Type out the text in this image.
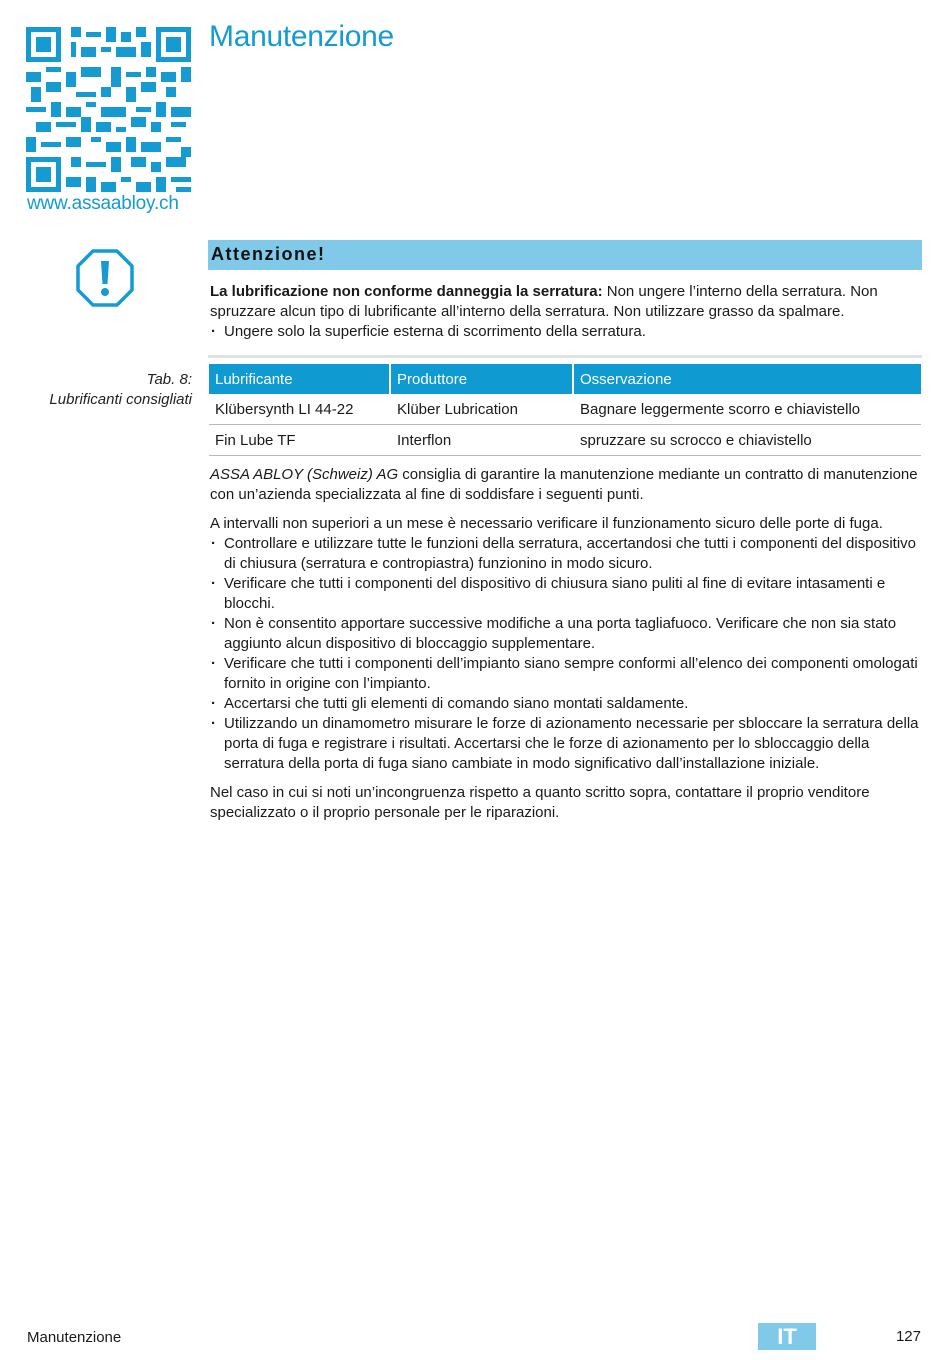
www.assaabloy.ch
Manutenzione
Attenzione!
La lubrificazione non conforme danneggia la serratura: Non ungere l’interno della serratura. Non spruzzare alcun tipo di lubrificante all’interno della serratura. Non utilizzare grasso da spalmare.
· Ungere solo la superficie esterna di scorrimento della serratura.
Tab. 8:
Lubrificanti consigliati
Lubrificante	Produttore	Osservazione
Klübersynth LI 44-22	Klüber Lubrication	Bagnare leggermente scorro e chiavistello
Fin Lube TF	Interflon	spruzzare su scrocco e chiavistello
ASSA ABLOY (Schweiz) AG consiglia di garantire la manutenzione mediante un contratto di manutenzione con un’azienda specializzata al fine di soddisfare i seguenti punti.
A intervalli non superiori a un mese è necessario verificare il funzionamento sicuro delle porte di fuga.
· Controllare e utilizzare tutte le funzioni della serratura, accertandosi che tutti i componenti del dispositivo di chiusura (serratura e contropiastra) funzionino in modo sicuro.
· Verificare che tutti i componenti del dispositivo di chiusura siano puliti al fine di evitare intasamenti e blocchi.
· Non è consentito apportare successive modifiche a una porta tagliafuoco. Verificare che non sia stato aggiunto alcun dispositivo di bloccaggio supplementare.
· Verificare che tutti i componenti dell’impianto siano sempre conformi all’elenco dei componenti omologati fornito in origine con l’impianto.
· Accertarsi che tutti gli elementi di comando siano montati saldamente.
· Utilizzando un dinamometro misurare le forze di azionamento necessarie per sbloccare la serratura della porta di fuga e registrare i risultati. Accertarsi che le forze di azionamento per lo sbloccaggio della serratura della porta di fuga siano cambiate in modo significativo dall’installazione iniziale.
Nel caso in cui si noti un’incongruenza rispetto a quanto scritto sopra, contattare il proprio venditore specializzato o il proprio personale per le riparazioni.
Manutenzione	IT	127
